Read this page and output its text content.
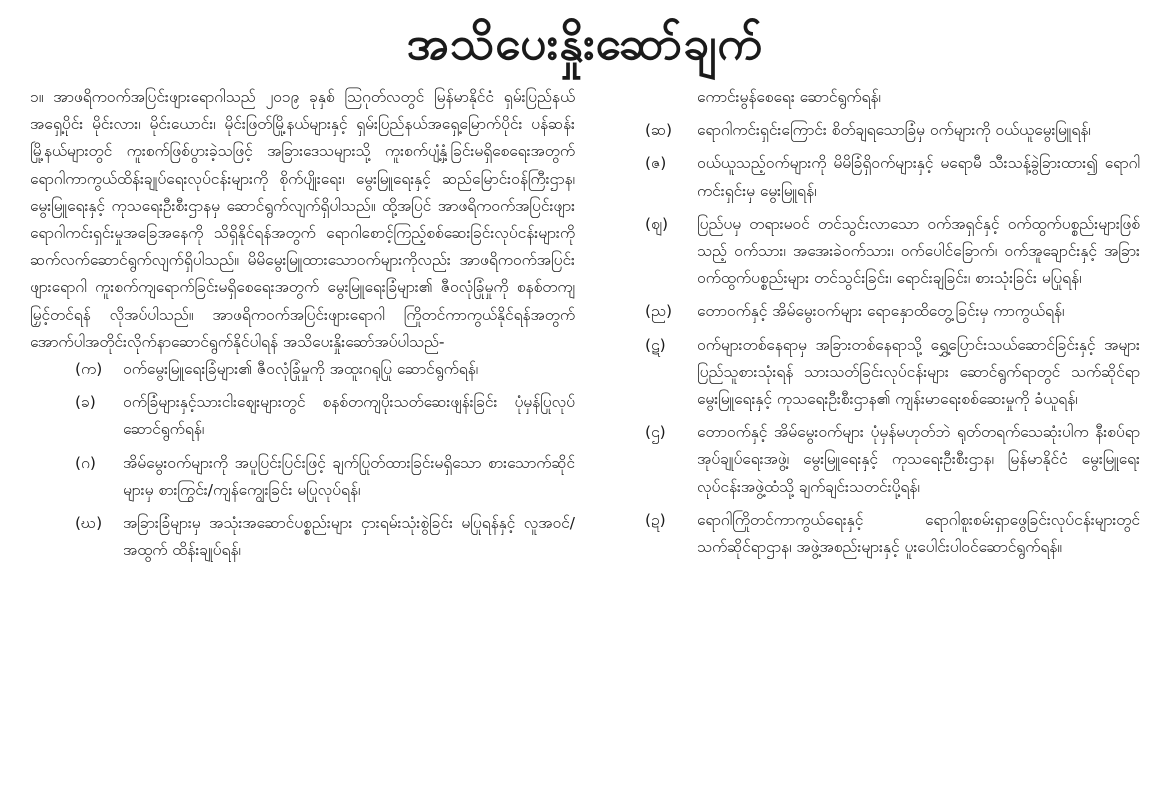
အသိပေးနှိုးဆော်ချက်

၁။ အာဖရိကဝက်အပြင်းဖျားရောဂါသည် ၂၀၁၉ ခုနှစ် ဩဂုတ်လတွင် မြန်မာနိုင်ငံ ရှမ်းပြည်နယ်အရှေ့ပိုင်း မိုင်းလား၊ မိုင်းယောင်း၊ မိုင်းဖြတ်မြို့နယ်များနှင့် ရှမ်းပြည်နယ်အရှေ့မြောက်ပိုင်း ပန်ဆန်းမြို့နယ်များတွင် ကူးစက်ဖြစ်ပွားခဲ့သဖြင့် အခြားဒေသများသို့ ကူးစက်ပျံ့နှံ့ခြင်းမရှိစေရေးအတွက် ရောဂါကာကွယ်ထိန်းချုပ်ရေးလုပ်ငန်းများကို စိုက်ပျိုးရေး၊ မွေးမြူရေးနှင့် ဆည်မြောင်းဝန်ကြီးဌာန၊ မွေးမြူရေးနှင့် ကုသရေးဦးစီးဌာနမှ ဆောင်ရွက်လျက်ရှိပါသည်။ ထို့အပြင် အာဖရိကဝက်အပြင်းဖျားရောဂါကင်းရှင်းမှုအခြေအနေကို သိရှိနိုင်ရန်အတွက် ရောဂါစောင့်ကြည့်စစ်ဆေးခြင်းလုပ်ငန်းများကို ဆက်လက်ဆောင်ရွက်လျက်ရှိပါသည်။ မိမိမွေးမြူထားသောဝက်များကိုလည်း အာဖရိကဝက်အပြင်းဖျားရောဂါ ကူးစက်ကျရောက်ခြင်းမရှိစေရေးအတွက် မွေးမြူရေးခြံများ၏ ဇီဝလုံခြုံမှုကို စနစ်တကျမြှင့်တင်ရန် လိုအပ်ပါသည်။ အာဖရိကဝက်အပြင်းဖျားရောဂါ ကြိုတင်ကာကွယ်နိုင်ရန်အတွက် အောက်ပါအတိုင်းလိုက်နာဆောင်ရွက်နိုင်ပါရန် အသိပေးနှိုးဆော်အပ်ပါသည်-

(က)	ဝက်မွေးမြူရေးခြံများ၏ ဇီဝလုံခြုံမှုကို အထူးဂရုပြု ဆောင်ရွက်ရန်၊
(ခ)	ဝက်ခြံများနှင့်သားငါးဈေးများတွင် စနစ်တကျပိုးသတ်ဆေးဖျန်းခြင်း ပုံမှန်ပြုလုပ်ဆောင်ရွက်ရန်၊
(ဂ)	အိမ်မွေးဝက်များကို အပူပြင်းပြင်းဖြင့် ချက်ပြုတ်ထားခြင်းမရှိသော စားသောက်ဆိုင်များမှ စားကြွင်း/ကျန်ကျွေးခြင်း မပြုလုပ်ရန်၊
(ဃ)	အခြားခြံများမှ အသုံးအဆောင်ပစ္စည်းများ ငှားရမ်းသုံးစွဲခြင်း မပြုရန်နှင့် လူအဝင်/အထွက် ထိန်းချုပ်ရန်၊
ကောင်းမွန်စေရေး ဆောင်ရွက်ရန်၊
(ဆ)	ရောဂါကင်းရှင်းကြောင်း စိတ်ချရသောခြံမှ ဝက်များကို ဝယ်ယူမွေးမြူရန်၊
(ဇ)	ဝယ်ယူသည့်ဝက်များကို မိမိခြံရှိဝက်များနှင့် မရောမီ သီးသန့်ခွဲခြားထား၍ ရောဂါကင်းရှင်းမှ မွေးမြူရန်၊
(ဈ)	ပြည်ပမှ တရားမဝင် တင်သွင်းလာသော ဝက်အရှင်နှင့် ဝက်ထွက်ပစ္စည်းများဖြစ်သည့် ဝက်သား၊ အအေးခဲဝက်သား၊ ဝက်ပေါင်ခြောက်၊ ဝက်အူချောင်းနှင့် အခြားဝက်ထွက်ပစ္စည်းများ တင်သွင်းခြင်း၊ ရောင်းချခြင်း၊ စားသုံးခြင်း မပြုရန်၊
(ည)	တောဝက်နှင့် အိမ်မွေးဝက်များ ရောနှောထိတွေ့ခြင်းမှ ကာကွယ်ရန်၊
(ဋ)	ဝက်များတစ်နေရာမှ အခြားတစ်နေရာသို့ ရွှေ့ပြောင်းသယ်ဆောင်ခြင်းနှင့် အများပြည်သူစားသုံးရန် သားသတ်ခြင်းလုပ်ငန်းများ ဆောင်ရွက်ရာတွင် သက်ဆိုင်ရာမွေးမြူရေးနှင့် ကုသရေးဦးစီးဌာန၏ ကျန်းမာရေးစစ်ဆေးမှုကို ခံယူရန်၊
(ဌ)	တောဝက်နှင့် အိမ်မွေးဝက်များ ပုံမှန်မဟုတ်ဘဲ ရုတ်တရက်သေဆုံးပါက နီးစပ်ရာအုပ်ချုပ်ရေးအဖွဲ့၊ မွေးမြူရေးနှင့် ကုသရေးဦးစီးဌာန၊ မြန်မာနိုင်ငံ မွေးမြူရေးလုပ်ငန်းအဖွဲ့ထံသို့ ချက်ချင်းသတင်းပို့ရန်၊
(ဍ)	ရောဂါကြိုတင်ကာကွယ်ရေးနှင့် ရောဂါစူးစမ်းရှာဖွေခြင်းလုပ်ငန်းများတွင် သက်ဆိုင်ရာဌာန၊ အဖွဲ့အစည်းများနှင့် ပူးပေါင်းပါဝင်ဆောင်ရွက်ရန်။
